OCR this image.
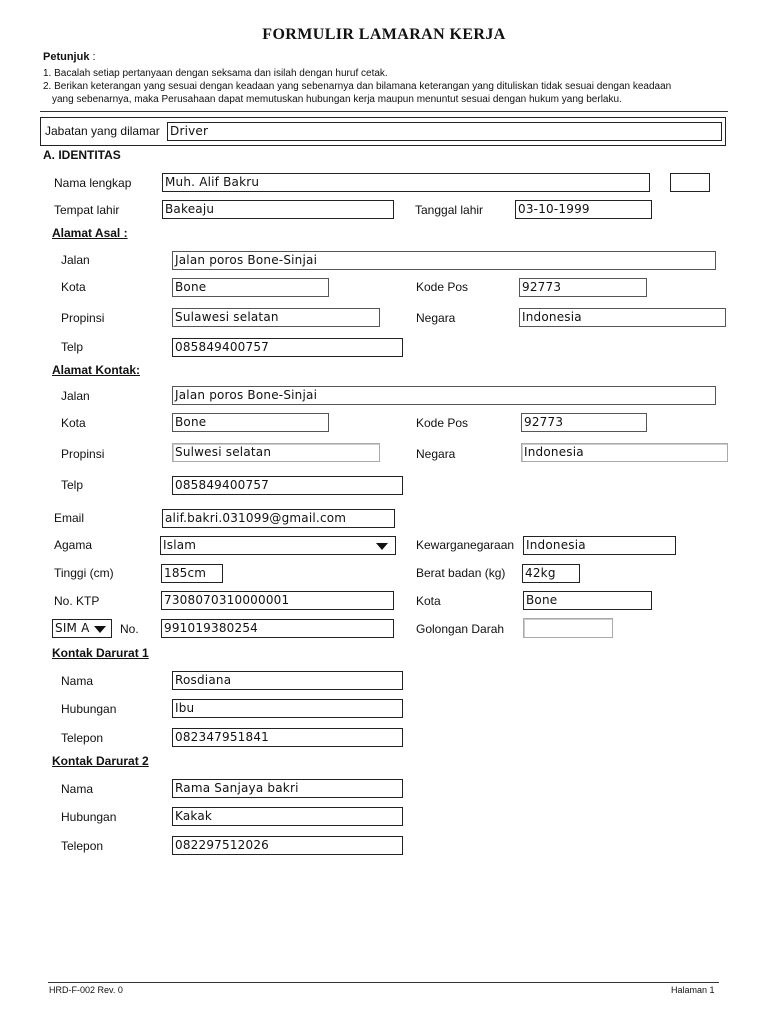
FORMULIR LAMARAN KERJA
Petunjuk :
1. Bacalah setiap pertanyaan dengan seksama dan isilah dengan huruf cetak.
2. Berikan keterangan yang sesuai dengan keadaan yang sebenarnya dan bilamana keterangan yang dituliskan tidak sesuai dengan keadaan
yang sebenarnya, maka Perusahaan dapat memutuskan hubungan kerja maupun menuntut sesuai dengan hukum yang berlaku.
Jabatan yang dilamar Driver
A. IDENTITAS
Nama lengkap	Muh. Alif Bakru
Tempat lahir	Bakeaju	Tanggal lahir	03-10-1999
Alamat Asal :
Jalan	Jalan poros Bone-Sinjai
Kota	Bone	Kode Pos	92773
Propinsi	Sulawesi selatan	Negara	Indonesia
Telp	085849400757
Alamat Kontak:
Jalan	Jalan poros Bone-Sinjai
Kota	Bone	Kode Pos	92773
Propinsi	Sulwesi selatan	Negara	Indonesia
Telp	085849400757
Email	alif.bakri.031099@gmail.com
Agama	Islam	Kewarganegaraan Indonesia
Tinggi (cm)	185cm	Berat badan (kg) 42kg
No. KTP	7308070310000001	Kota	Bone
SIM A	No. 991019380254	Golongan Darah
Kontak Darurat 1
Nama	Rosdiana
Hubungan	Ibu
Telepon	082347951841
Kontak Darurat 2
Nama	Rama Sanjaya bakri
Hubungan	Kakak
Telepon	082297512026
HRD-F-002 Rev. 0	Halaman 1
